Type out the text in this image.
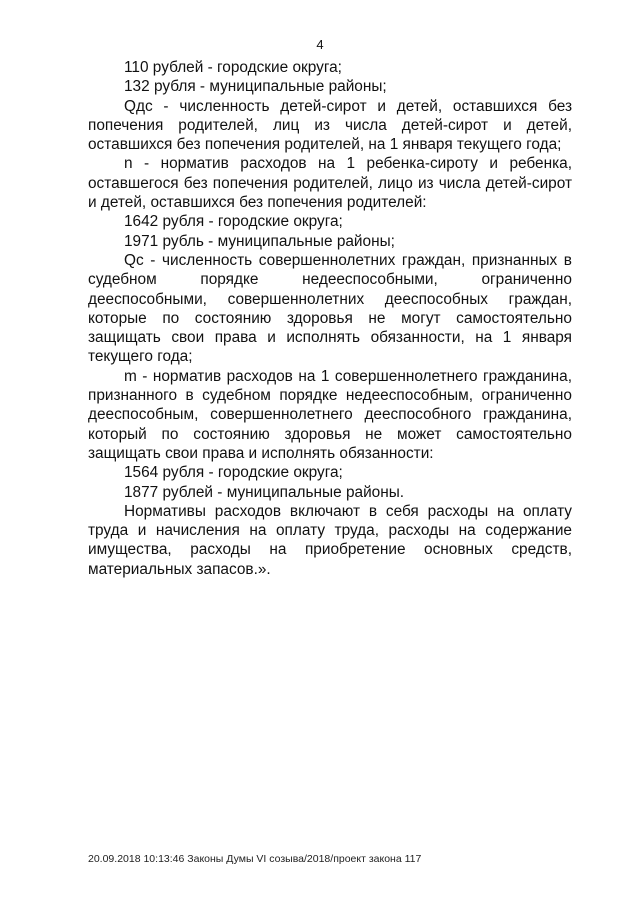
4

110 рублей - городские округа;

132 рубля - муниципальные районы;

Qдс - численность детей-сирот и детей, оставшихся без попечения родителей, лиц из числа детей-сирот и детей, оставшихся без попечения родителей, на 1 января текущего года;

n - норматив расходов на 1 ребенка-сироту и ребенка, оставшегося без попечения родителей, лицо из числа детей-сирот и детей, оставшихся без попечения родителей:

1642 рубля - городские округа;

1971 рубль - муниципальные районы;

Qс - численность совершеннолетних граждан, признанных в судебном порядке недееспособными, ограниченно дееспособными, совершеннолетних дееспособных граждан, которые по состоянию здоровья не могут самостоятельно защищать свои права и исполнять обязанности, на 1 января текущего года;

m - норматив расходов на 1 совершеннолетнего гражданина, признанного в судебном порядке недееспособным, ограниченно дееспособным, совершеннолетнего дееспособного гражданина, который по состоянию здоровья не может самостоятельно защищать свои права и исполнять обязанности:

1564 рубля - городские округа;

1877 рублей - муниципальные районы.

Нормативы расходов включают в себя расходы на оплату труда и начисления на оплату труда, расходы на содержание имущества, расходы на приобретение основных средств, материальных запасов.».

20.09.2018 10:13:46 Законы Думы VI созыва/2018/проект закона 117
